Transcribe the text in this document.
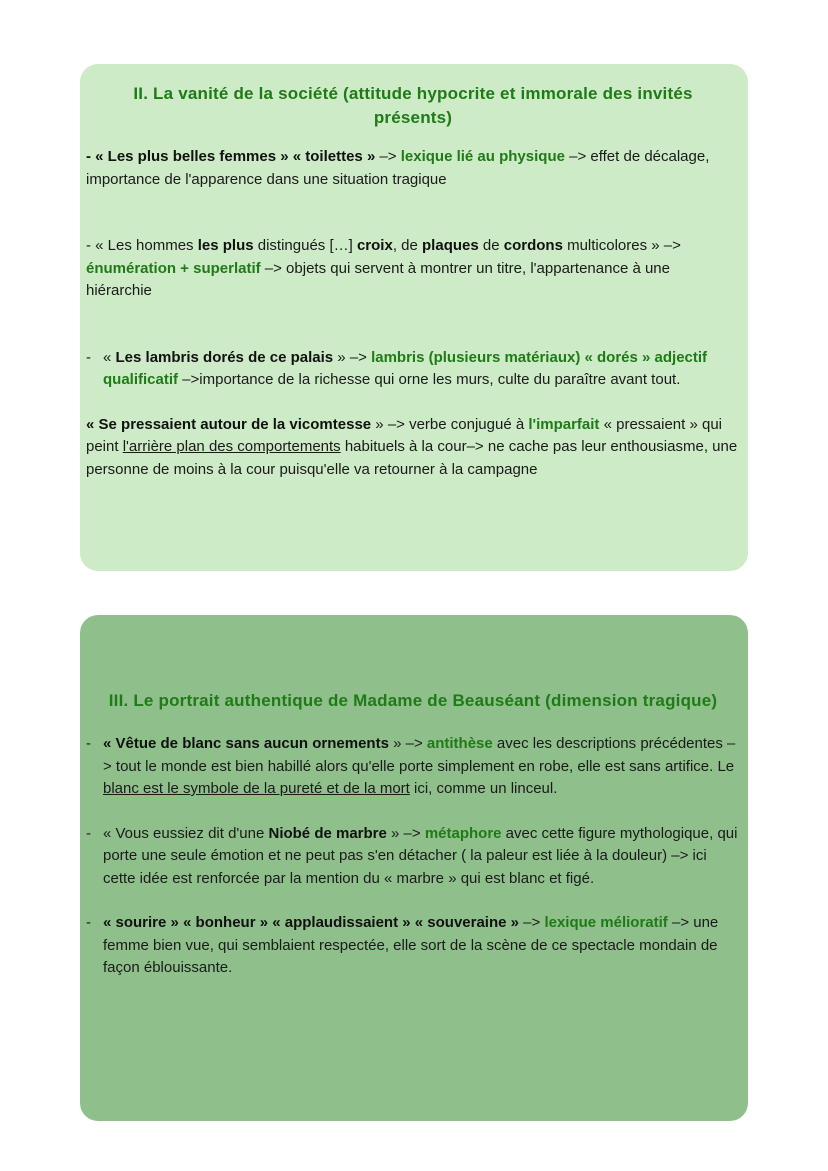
II. La vanité de la société (attitude hypocrite et immorale des invités présents)

- « Les plus belles femmes » « toilettes » –> lexique lié au physique –> effet de décalage, importance de l'apparence dans une situation tragique

- « Les hommes les plus distingués […] croix, de plaques de cordons multicolores » –> énumération + superlatif –> objets qui servent à montrer un titre, l'appartenance à une hiérarchie

- « Les lambris dorés de ce palais » –> lambris (plusieurs matériaux) « dorés » adjectif qualificatif –>importance de la richesse qui orne les murs, culte du paraître avant tout.

« Se pressaient autour de la vicomtesse » –> verbe conjugué à l'imparfait « pressaient » qui peint l'arrière plan des comportements habituels à la cour–> ne cache pas leur enthousiasme, une personne de moins à la cour puisqu'elle va retourner à la campagne

III. Le portrait authentique de Madame de Beauséant (dimension tragique)

- « Vêtue de blanc sans aucun ornements » –> antithèse avec les descriptions précédentes –> tout le monde est bien habillé alors qu'elle porte simplement en robe, elle est sans artifice. Le blanc est le symbole de la pureté et de la mort ici, comme un linceul.

- « Vous eussiez dit d'une Niobé de marbre » –> métaphore avec cette figure mythologique, qui porte une seule émotion et ne peut pas s'en détacher ( la paleur est liée à la douleur) –> ici cette idée est renforcée par la mention du « marbre » qui est blanc et figé.

- « sourire » « bonheur » « applaudissaient » « souveraine » –> lexique mélioratif –> une femme bien vue, qui semblaient respectée, elle sort de la scène de ce spectacle mondain de façon éblouissante.
